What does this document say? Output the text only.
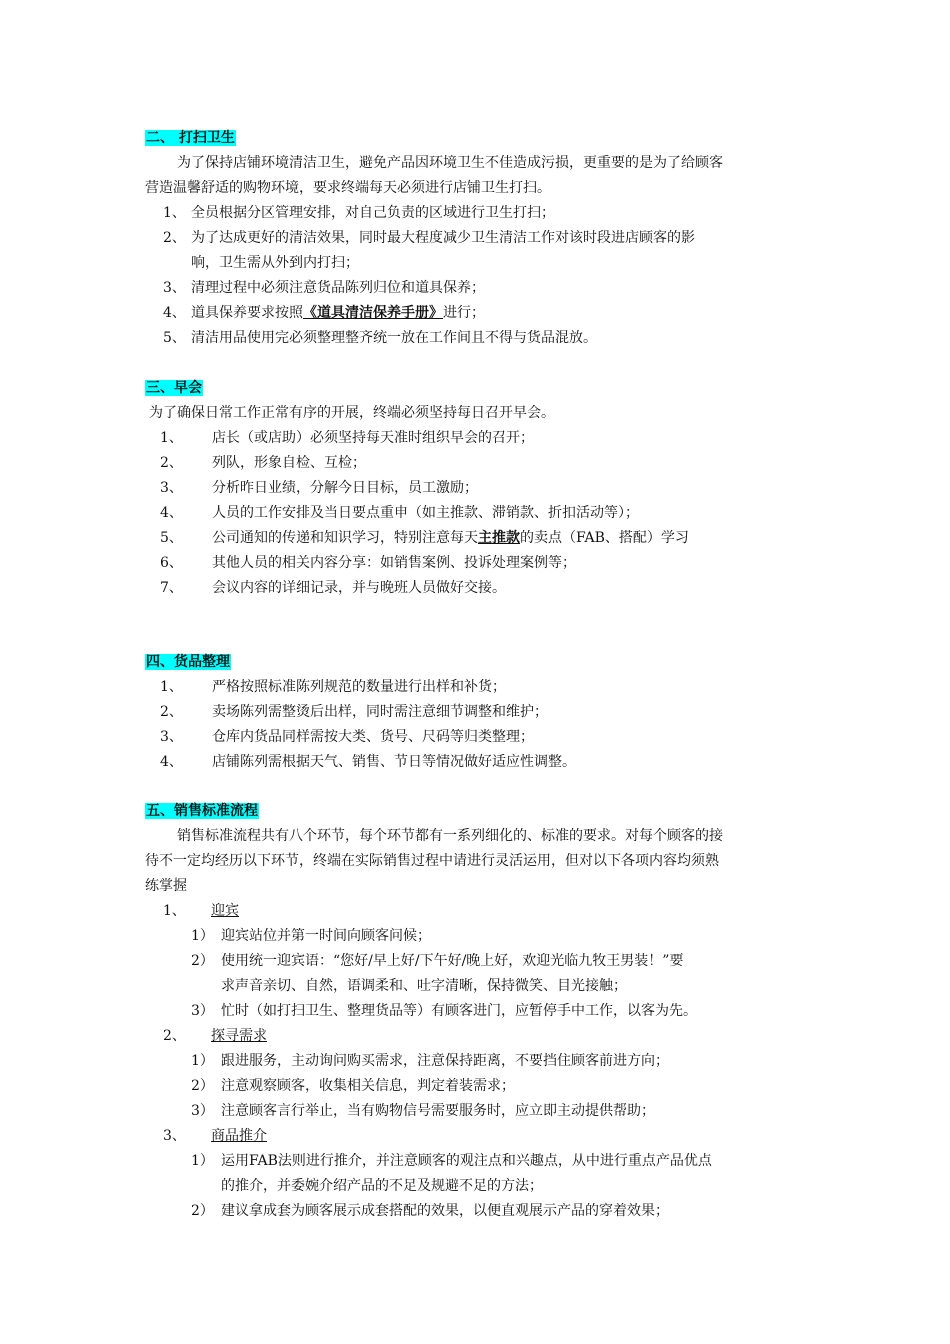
二、 打扫卫生
为了保持店铺环境清洁卫生，避免产品因环境卫生不佳造成污损，更重要的是为了给顾客
营造温馨舒适的购物环境，要求终端每天必须进行店铺卫生打扫。
1、 全员根据分区管理安排，对自己负责的区域进行卫生打扫；
2、 为了达成更好的清洁效果，同时最大程度减少卫生清洁工作对该时段进店顾客的影
响，卫生需从外到内打扫；
3、 清理过程中必须注意货品陈列归位和道具保养；
4、 道具保养要求按照《道具清洁保养手册》进行；
5、 清洁用品使用完必须整理整齐统一放在工作间且不得与货品混放。
三、早会
为了确保日常工作正常有序的开展，终端必须坚持每日召开早会。
1、 店长（或店助）必须坚持每天准时组织早会的召开；
2、 列队，形象自检、互检；
3、 分析昨日业绩，分解今日目标，员工激励；
4、 人员的工作安排及当日要点重申（如主推款、滞销款、折扣活动等）；
5、 公司通知的传递和知识学习，特别注意每天主推款的卖点（FAB、搭配）学习
6、 其他人员的相关内容分享：如销售案例、投诉处理案例等；
7、 会议内容的详细记录，并与晚班人员做好交接。
四、货品整理
1、 严格按照标准陈列规范的数量进行出样和补货；
2、 卖场陈列需整烫后出样，同时需注意细节调整和维护；
3、 仓库内货品同样需按大类、货号、尺码等归类整理；
4、 店铺陈列需根据天气、销售、节日等情况做好适应性调整。
五、销售标准流程
销售标准流程共有八个环节，每个环节都有一系列细化的、标准的要求。对每个顾客的接
待不一定均经历以下环节，终端在实际销售过程中请进行灵活运用，但对以下各项内容均须熟
练掌握
1、 迎宾
1） 迎宾站位并第一时间向顾客问候；
2） 使用统一迎宾语：“您好/早上好/下午好/晚上好，欢迎光临九牧王男装！”要
求声音亲切、自然，语调柔和、吐字清晰，保持微笑、目光接触；
3） 忙时（如打扫卫生、整理货品等）有顾客进门，应暂停手中工作，以客为先。
2、 探寻需求
1） 跟进服务，主动询问购买需求，注意保持距离，不要挡住顾客前进方向；
2） 注意观察顾客，收集相关信息，判定着装需求；
3） 注意顾客言行举止，当有购物信号需要服务时，应立即主动提供帮助；
3、 商品推介
1） 运用FAB法则进行推介，并注意顾客的观注点和兴趣点，从中进行重点产品优点
的推介，并委婉介绍产品的不足及规避不足的方法；
2） 建议拿成套为顾客展示成套搭配的效果，以便直观展示产品的穿着效果；
